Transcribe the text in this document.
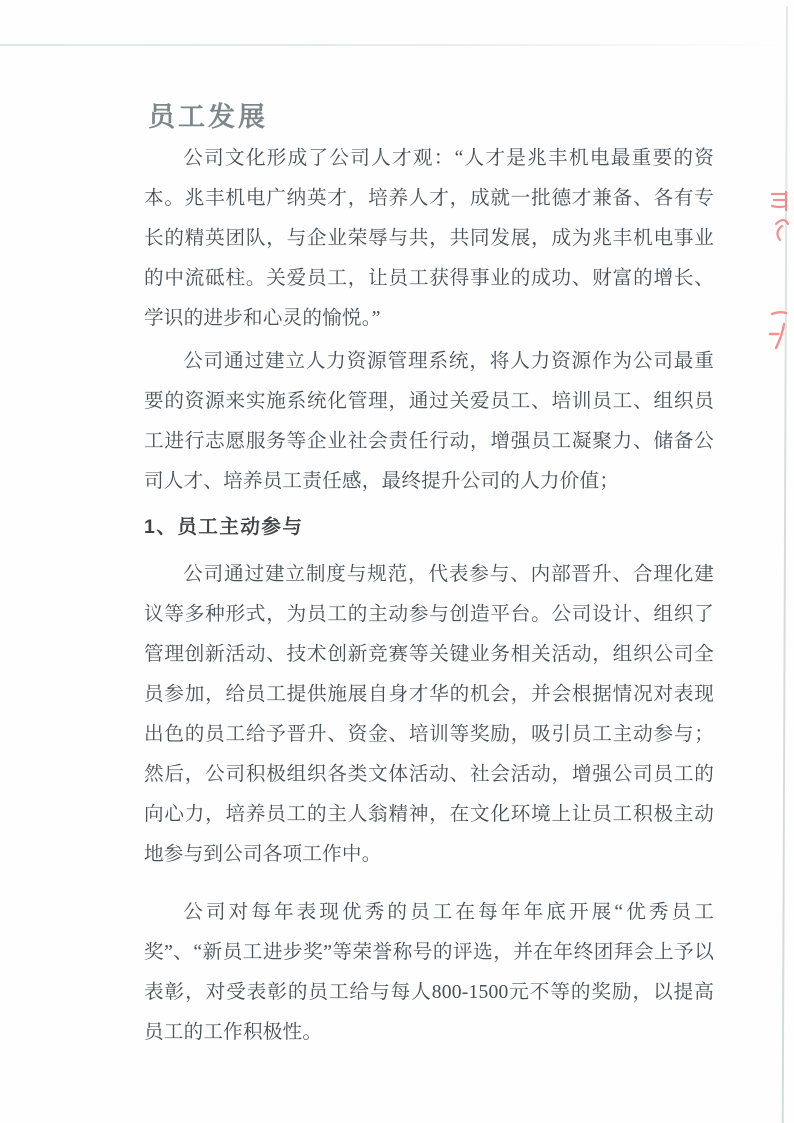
员工发展

公司文化形成了公司人才观：“人才是兆丰机电最重要的资本。兆丰机电广纳英才，培养人才，成就一批德才兼备、各有专长的精英团队，与企业荣辱与共，共同发展，成为兆丰机电事业的中流砥柱。关爱员工，让员工获得事业的成功、财富的增长、学识的进步和心灵的愉悦。”

公司通过建立人力资源管理系统，将人力资源作为公司最重要的资源来实施系统化管理，通过关爱员工、培训员工、组织员工进行志愿服务等企业社会责任行动，增强员工凝聚力、储备公司人才、培养员工责任感，最终提升公司的人力价值；

1、员工主动参与

公司通过建立制度与规范，代表参与、内部晋升、合理化建议等多种形式，为员工的主动参与创造平台。公司设计、组织了管理创新活动、技术创新竞赛等关键业务相关活动，组织公司全员参加，给员工提供施展自身才华的机会，并会根据情况对表现出色的员工给予晋升、资金、培训等奖励，吸引员工主动参与；然后，公司积极组织各类文体活动、社会活动，增强公司员工的向心力，培养员工的主人翁精神，在文化环境上让员工积极主动地参与到公司各项工作中。

公司对每年表现优秀的员工在每年年底开展“优秀员工奖”、“新员工进步奖”等荣誉称号的评选，并在年终团拜会上予以表彰，对受表彰的员工给与每人800-1500元不等的奖励，以提高员工的工作积极性。
